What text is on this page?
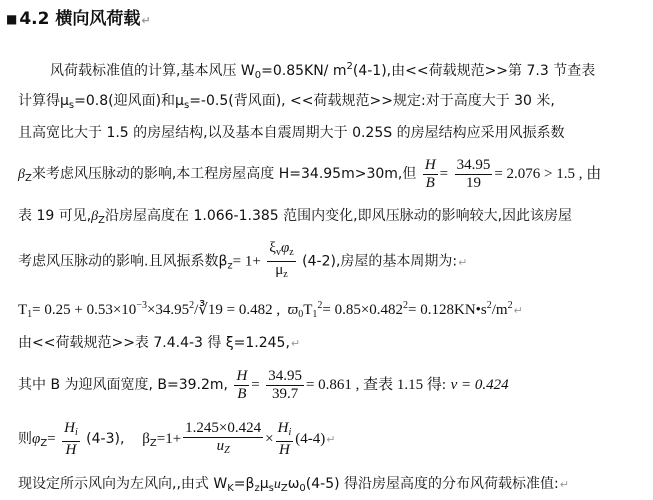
■ 4.2 横向风荷载↵
风荷载标准值的计算,基本风压 $W_0=0.85KN/$ $m^2(4-1)$,由<<荷载规范>>第 7.3 节查表
计算得$\mu_s=0.8$(迎风面)和$\mu_s=-0.5$(背风面), <<荷载规范>>规定:对于高度大于 30 米,
且高宽比大于 1.5 的房屋结构,以及基本自震周期大于 0.25S 的房屋结构应采用风振系数
$\beta_Z$来考虑风压脉动的影响,本工程房屋高度 H=34.95m>30m,但 $\frac{H}{B} = \frac{34.95}{19} = 2.076 > 1.5$ , 由
表 19 可见$,\beta_Z$沿房屋高度在 1.066-1.385 范围内变化,即风压脉动的影响较大,因此该房屋
考虑风压脉动的影响.且风振系数$\beta_z= 1+ \frac{\xi_v\varphi_z}{\mu_z} (4-2)$,房屋的基本周期为:↵
$T_1= 0.25$ + $0.53\times 10^{-3}\times 34.95^2/∛19 = 0.482$ , $ϖ_0T_1^2= 0.85\times 0.482^2=$ $0.128KN•s^2/m^2↵$
由<<荷载规范>>表 7.4.4-3 得 ξ=1.245,↵
其中 B 为迎风面宽度, B=39.2m, $\frac{H}{B} = \frac{34.95}{39.7} = 0.861$ , 查表 1.15 得: ν = 0.424
则$\varphi_Z= \frac{H_i}{H} (4-3)$, $\beta_Z=1+ \frac{1.245\times 0.424}{u_Z} \times \frac{H_i}{H}$ (4-4)↵
现设定所示风向为左风向,,由式 $W_K=\beta_z\mu_su_Z\omega_0(4-5)$ 得沿房屋高度的分布风荷载标准值:↵
